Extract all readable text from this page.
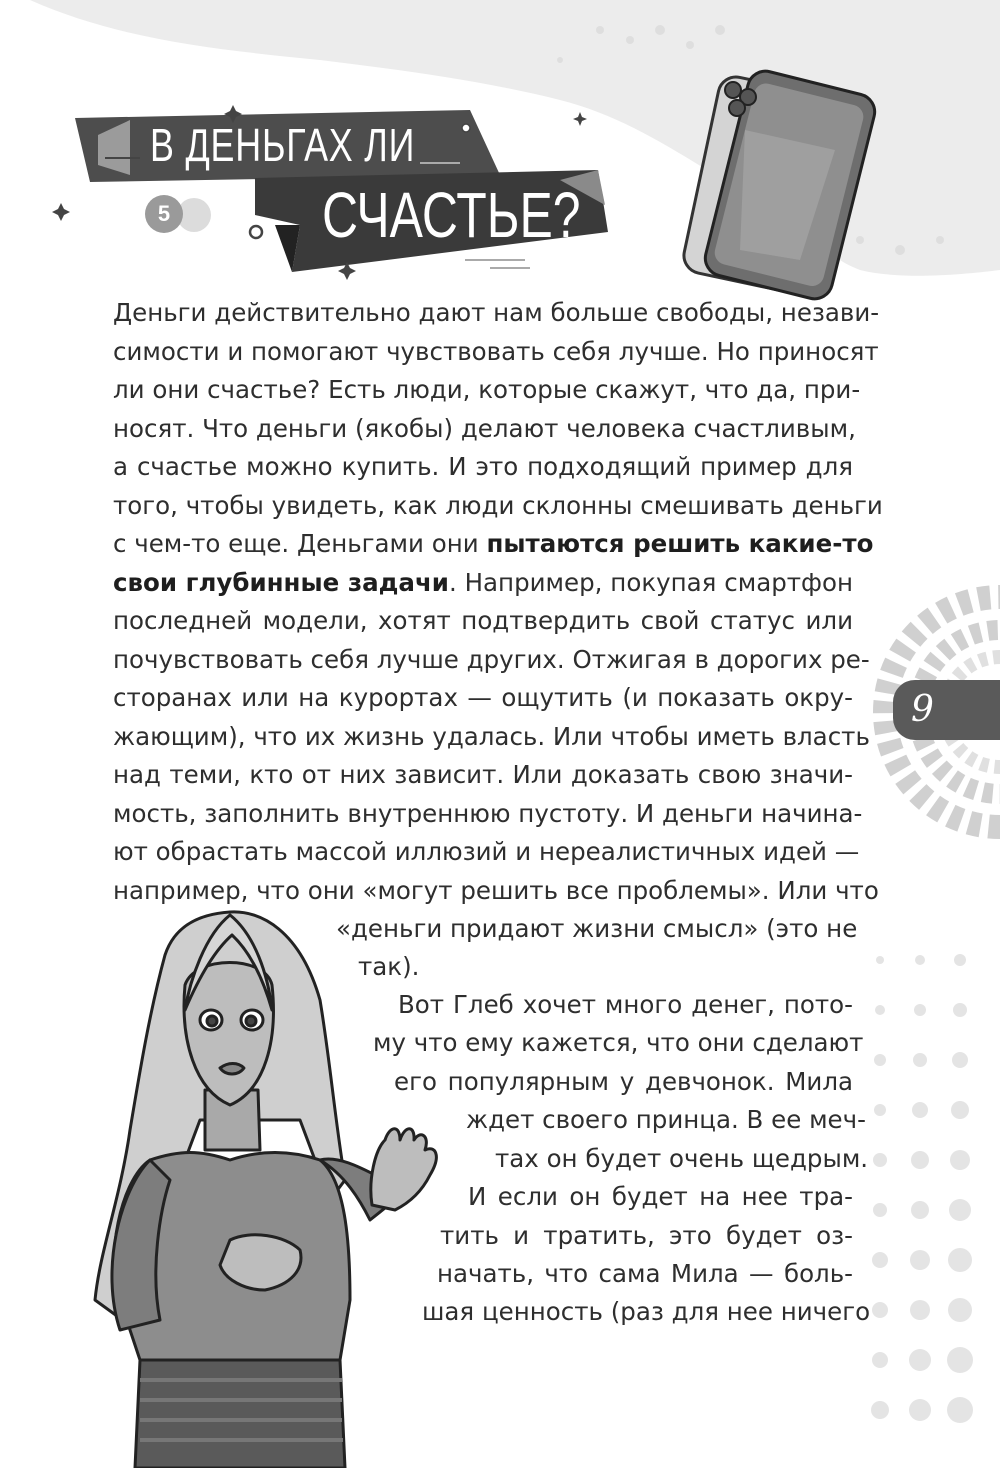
В ДЕНЬГАХ ЛИ
СЧАСТЬЕ?
5
9
Деньги действительно дают нам больше свободы, незави-
симости и помогают чувствовать себя лучше. Но приносят
ли они счастье? Есть люди, которые скажут, что да, при-
носят. Что деньги (якобы) делают человека счастливым,
а счастье можно купить. И это подходящий пример для
того, чтобы увидеть, как люди склонны смешивать деньги
с чем-то еще. Деньгами они пытаются решить какие-то
свои глубинные задачи. Например, покупая смартфон
последней модели, хотят подтвердить свой статус или
почувствовать себя лучше других. Отжигая в дорогих ре-
сторанах или на курортах — ощутить (и показать окру-
жающим), что их жизнь удалась. Или чтобы иметь власть
над теми, кто от них зависит. Или доказать свою значи-
мость, заполнить внутреннюю пустоту. И деньги начина-
ют обрастать массой иллюзий и нереалистичных идей —
например, что они «могут решить все проблемы». Или что
«деньги придают жизни смысл» (это не
так).
Вот Глеб хочет много денег, пото-
му что ему кажется, что они сделают
его популярным у девчонок. Мила
ждет своего принца. В ее меч-
тах он будет очень щедрым.
И если он будет на нее тра-
тить и тратить, это будет оз-
начать, что сама Мила — боль-
шая ценность (раз для нее ничего
